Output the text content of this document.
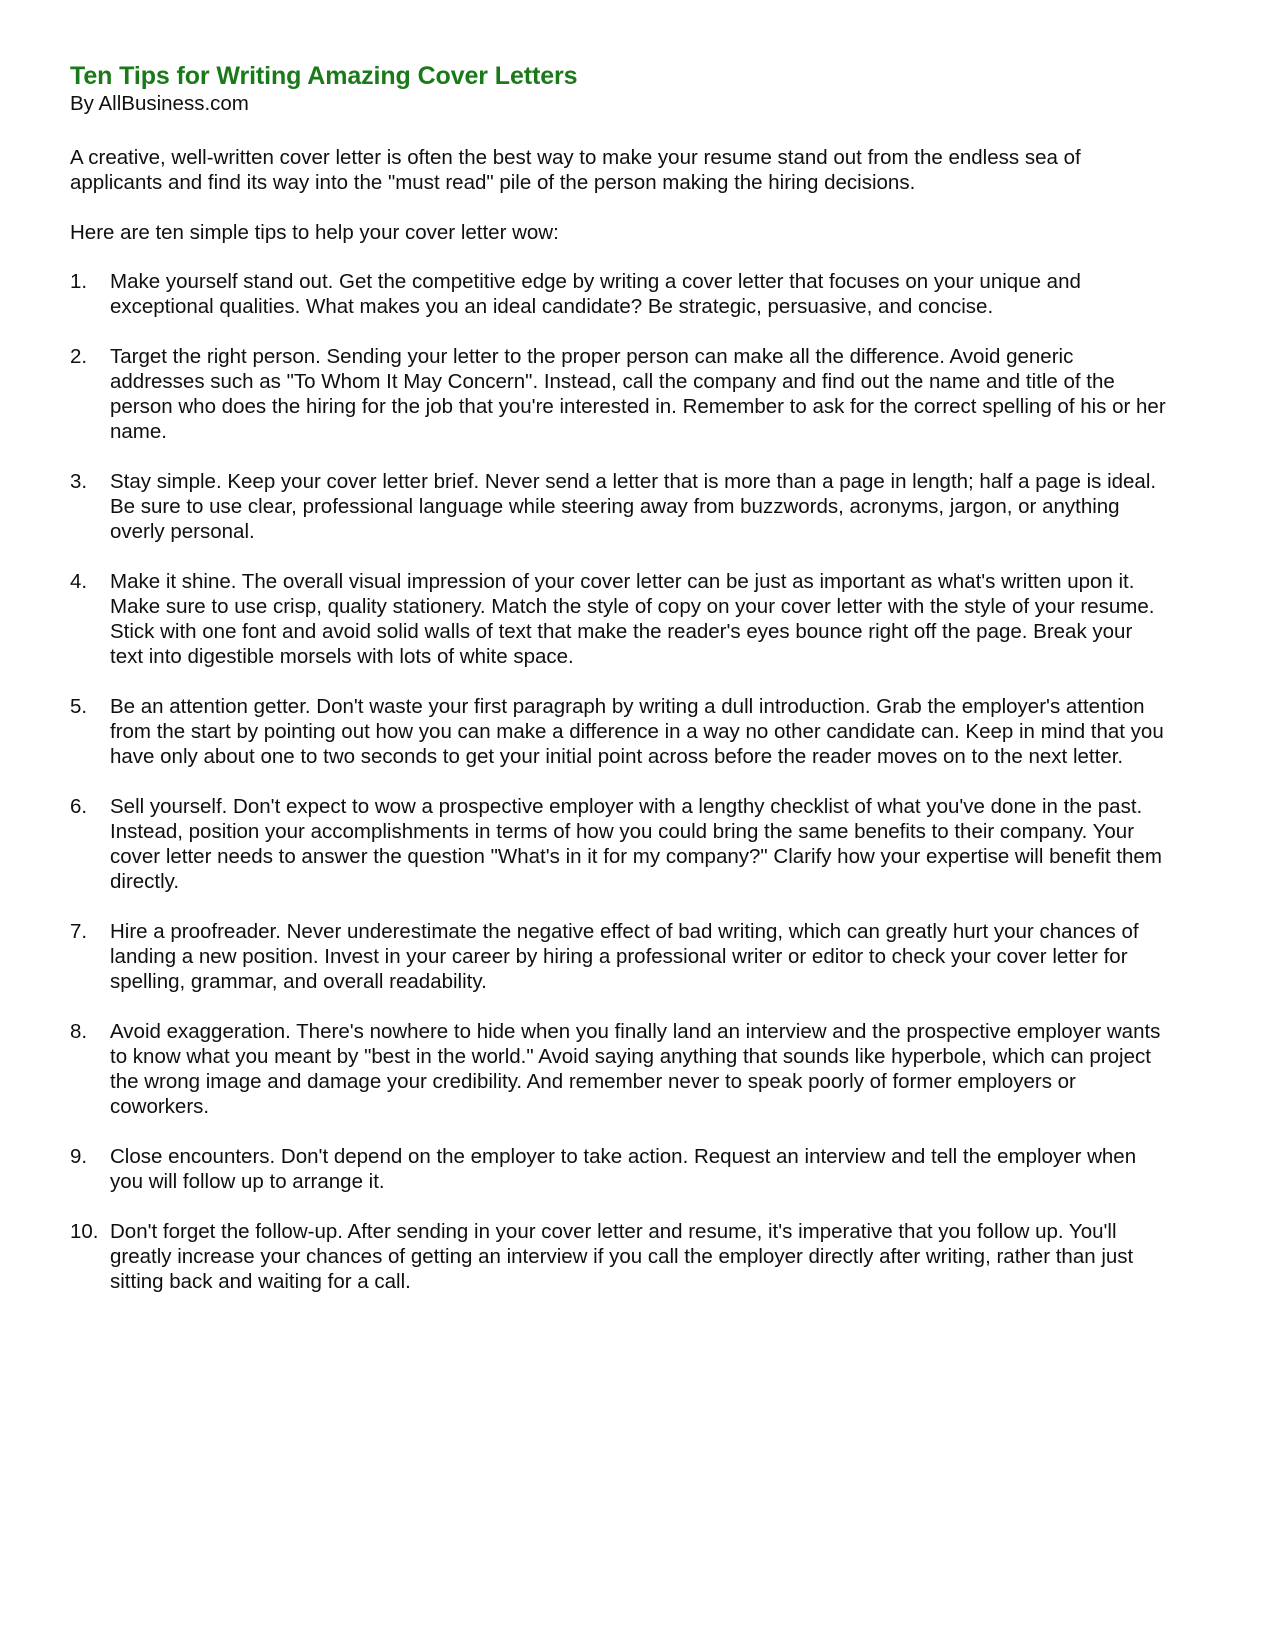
Ten Tips for Writing Amazing Cover Letters
By AllBusiness.com

A creative, well-written cover letter is often the best way to make your resume stand out from the endless sea of applicants and find its way into the "must read" pile of the person making the hiring decisions.

Here are ten simple tips to help your cover letter wow:

1.	Make yourself stand out. Get the competitive edge by writing a cover letter that focuses on your unique and exceptional qualities. What makes you an ideal candidate? Be strategic, persuasive, and concise.
2.	Target the right person. Sending your letter to the proper person can make all the difference. Avoid generic addresses such as "To Whom It May Concern". Instead, call the company and find out the name and title of the person who does the hiring for the job that you're interested in. Remember to ask for the correct spelling of his or her name.
3.	Stay simple. Keep your cover letter brief. Never send a letter that is more than a page in length; half a page is ideal. Be sure to use clear, professional language while steering away from buzzwords, acronyms, jargon, or anything overly personal.
4.	Make it shine. The overall visual impression of your cover letter can be just as important as what's written upon it. Make sure to use crisp, quality stationery. Match the style of copy on your cover letter with the style of your resume. Stick with one font and avoid solid walls of text that make the reader's eyes bounce right off the page. Break your text into digestible morsels with lots of white space.
5.	Be an attention getter. Don't waste your first paragraph by writing a dull introduction. Grab the employer's attention from the start by pointing out how you can make a difference in a way no other candidate can. Keep in mind that you have only about one to two seconds to get your initial point across before the reader moves on to the next letter.
6.	Sell yourself. Don't expect to wow a prospective employer with a lengthy checklist of what you've done in the past. Instead, position your accomplishments in terms of how you could bring the same benefits to their company. Your cover letter needs to answer the question "What's in it for my company?" Clarify how your expertise will benefit them directly.
7.	Hire a proofreader. Never underestimate the negative effect of bad writing, which can greatly hurt your chances of landing a new position. Invest in your career by hiring a professional writer or editor to check your cover letter for spelling, grammar, and overall readability.
8.	Avoid exaggeration. There's nowhere to hide when you finally land an interview and the prospective employer wants to know what you meant by "best in the world." Avoid saying anything that sounds like hyperbole, which can project the wrong image and damage your credibility. And remember never to speak poorly of former employers or coworkers.
9.	Close encounters. Don't depend on the employer to take action. Request an interview and tell the employer when you will follow up to arrange it.
10. Don't forget the follow-up. After sending in your cover letter and resume, it's imperative that you follow up. You'll greatly increase your chances of getting an interview if you call the employer directly after writing, rather than just sitting back and waiting for a call.
